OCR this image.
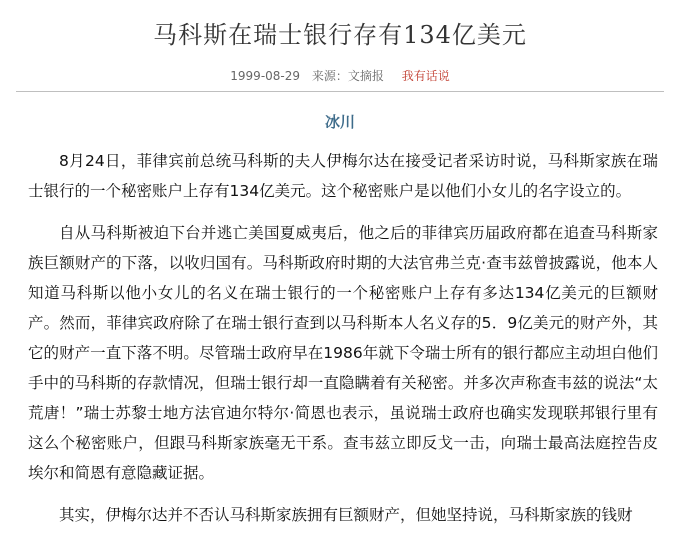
马科斯在瑞士银行存有134亿美元
1999-08-29 来源：文摘报 我有话说
冰川

8月24日，菲律宾前总统马科斯的夫人伊梅尔达在接受记者采访时说，马科斯家族在瑞士银行的一个秘密账户上存有134亿美元。这个秘密账户是以他们小女儿的名字设立的。

自从马科斯被迫下台并逃亡美国夏威夷后，他之后的菲律宾历届政府都在追查马科斯家族巨额财产的下落，以收归国有。马科斯政府时期的大法官弗兰克·查韦兹曾披露说，他本人知道马科斯以他小女儿的名义在瑞士银行的一个秘密账户上存有多达134亿美元的巨额财产。然而，菲律宾政府除了在瑞士银行查到以马科斯本人名义存的5．9亿美元的财产外，其它的财产一直下落不明。尽管瑞士政府早在1986年就下令瑞士所有的银行都应主动坦白他们手中的马科斯的存款情况，但瑞士银行却一直隐瞒着有关秘密。并多次声称查韦兹的说法“太荒唐！”瑞士苏黎士地方法官迪尔特尔·简恩也表示，虽说瑞士政府也确实发现联邦银行里有这么个秘密账户，但跟马科斯家族毫无干系。查韦兹立即反戈一击，向瑞士最高法庭控告皮埃尔和简恩有意隐藏证据。

其实，伊梅尔达并不否认马科斯家族拥有巨额财产，但她坚持说，马科斯家族的钱财
